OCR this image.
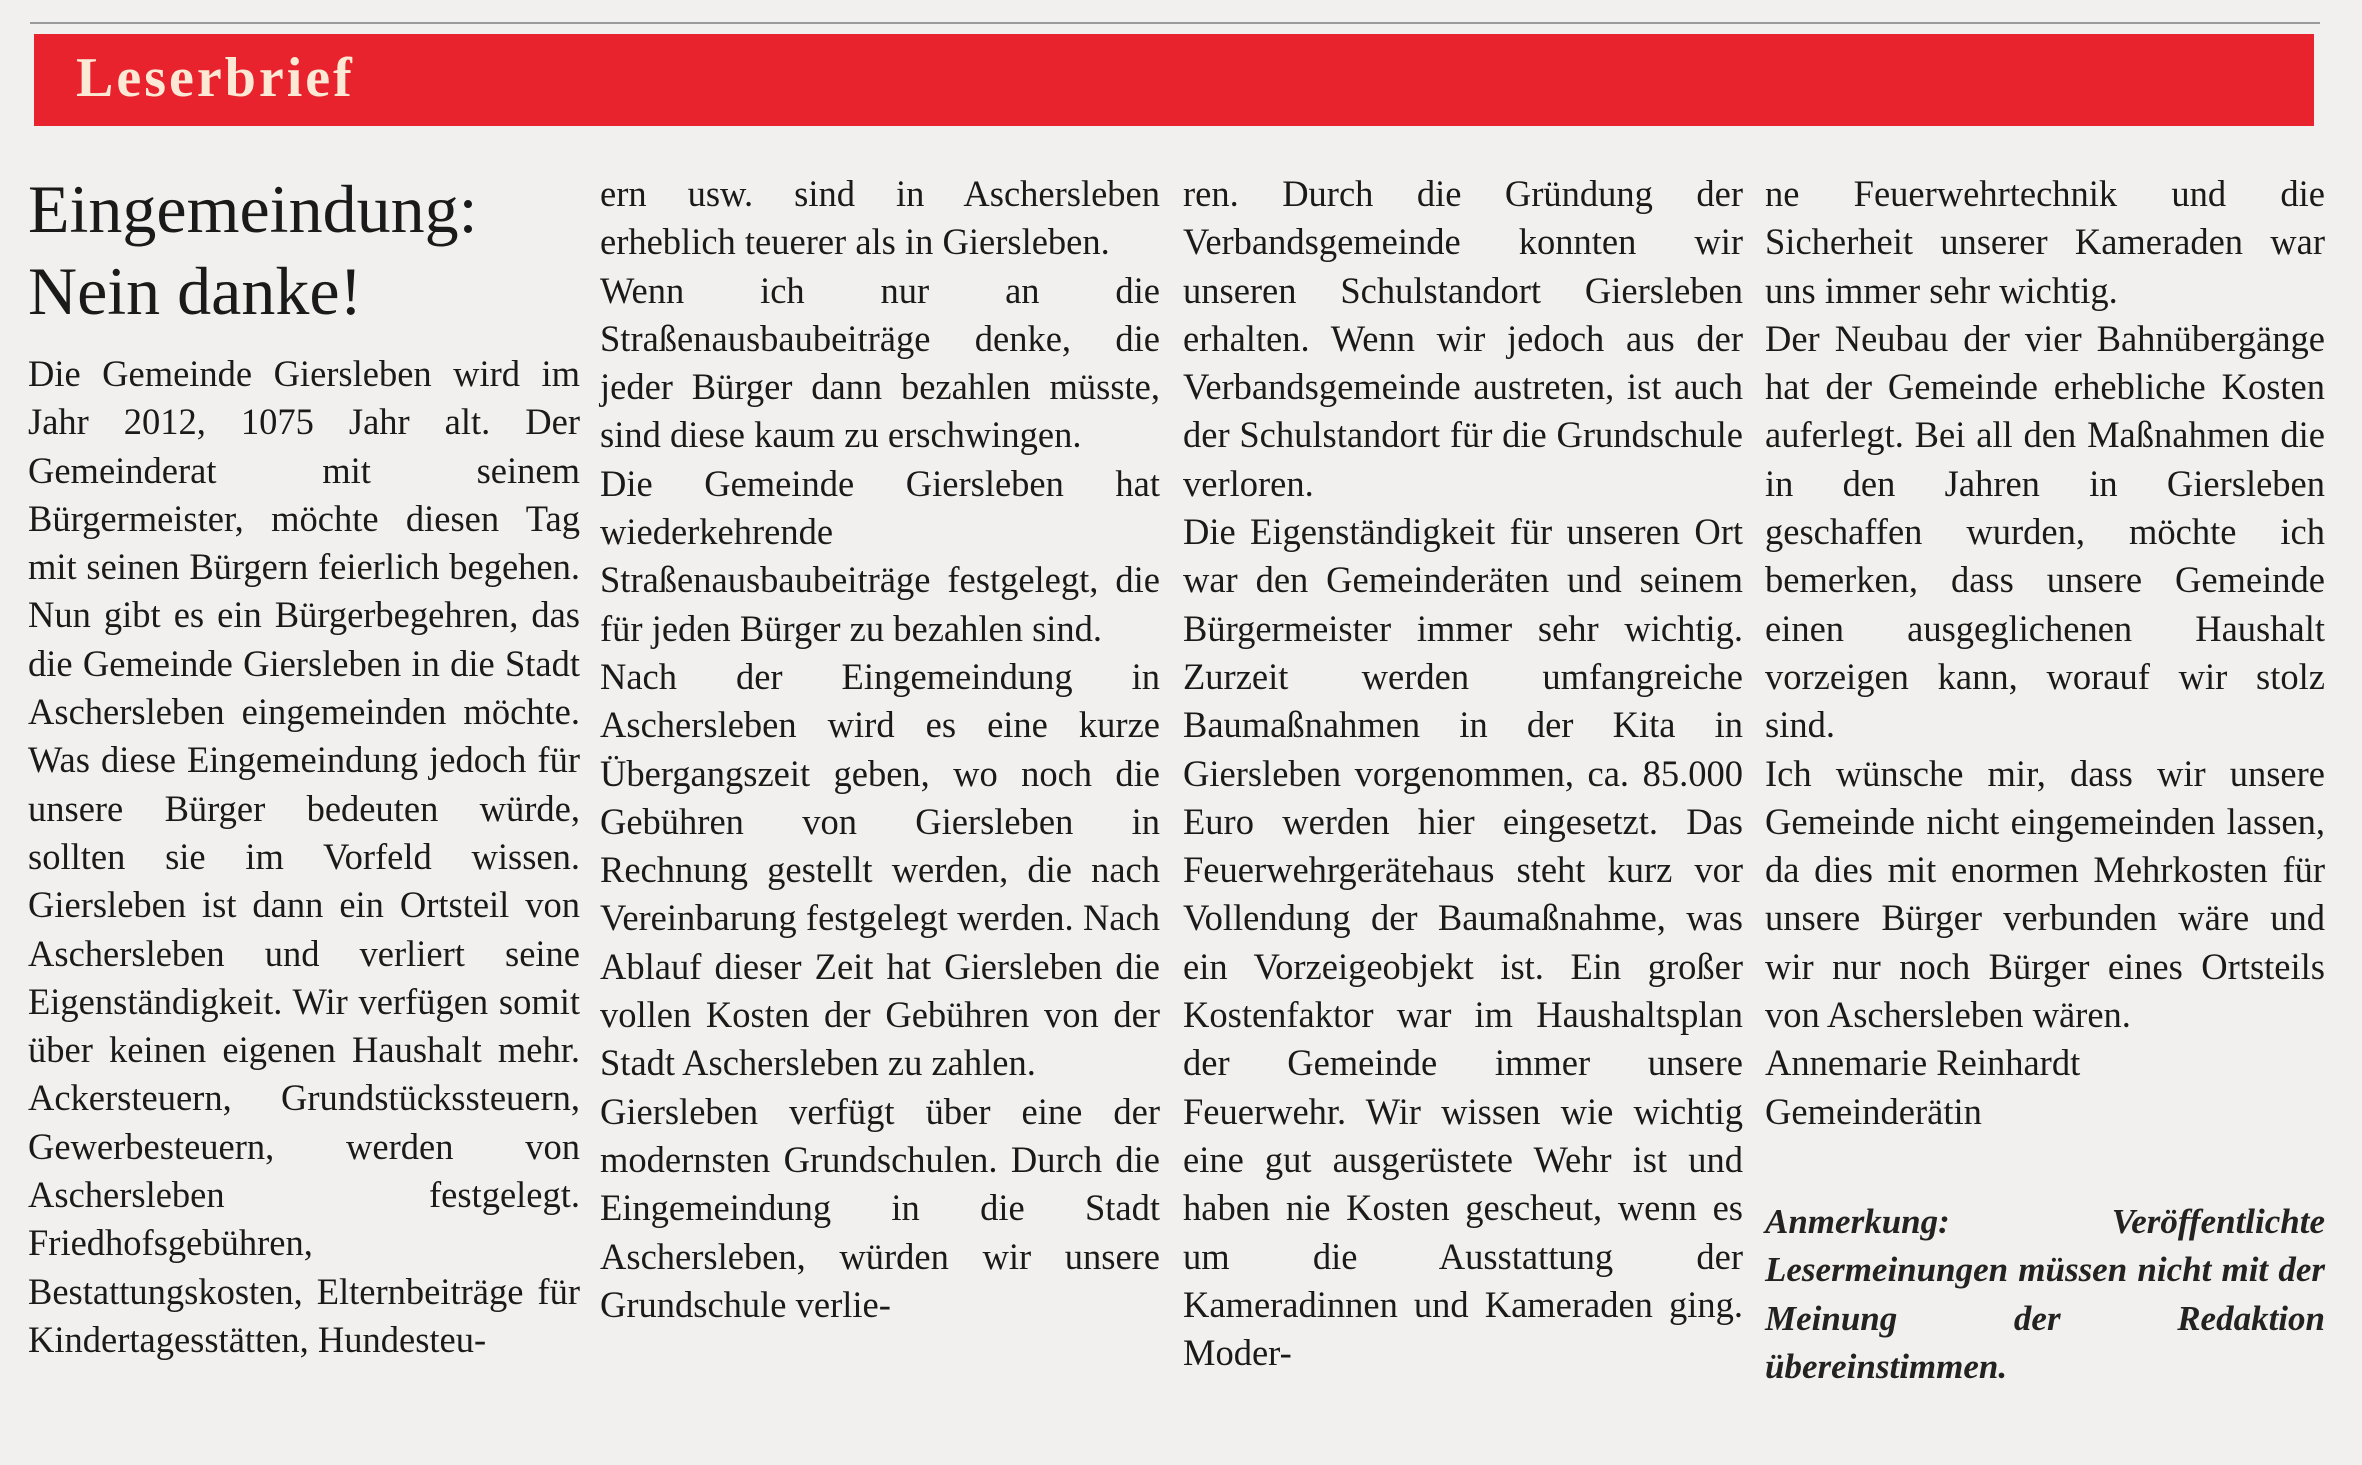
Leserbrief
Eingemeindung:
Nein danke!

Die Gemeinde Giersleben wird im Jahr 2012, 1075 Jahr alt. Der Gemeinderat mit seinem Bürgermeister, möchte diesen Tag mit seinen Bürgern feierlich begehen. Nun gibt es ein Bürgerbegehren, das die Gemeinde Giersleben in die Stadt Aschersleben eingemeinden möchte. Was diese Eingemeindung jedoch für unsere Bürger bedeuten würde, sollten sie im Vorfeld wissen. Giersleben ist dann ein Ortsteil von Aschersleben und verliert seine Eigenständigkeit. Wir verfügen somit über keinen eigenen Haushalt mehr. Ackersteuern, Grundstückssteuern, Gewerbesteuern, werden von Aschersleben festgelegt. Friedhofsgebühren, Bestattungskosten, Elternbeiträge für Kindertagesstätten, Hundesteu-

ern usw. sind in Aschersleben erheblich teuerer als in Giersleben.

Wenn ich nur an die Straßenausbaubeiträge denke, die jeder Bürger dann bezahlen müsste, sind diese kaum zu erschwingen.

Die Gemeinde Giersleben hat wiederkehrende Straßenausbaubeiträge festgelegt, die für jeden Bürger zu bezahlen sind.

Nach der Eingemeindung in Aschersleben wird es eine kurze Übergangszeit geben, wo noch die Gebühren von Giersleben in Rechnung gestellt werden, die nach Vereinbarung festgelegt werden. Nach Ablauf dieser Zeit hat Giersleben die vollen Kosten der Gebühren von der Stadt Aschersleben zu zahlen.

Giersleben verfügt über eine der modernsten Grundschulen. Durch die Eingemeindung in die Stadt Aschersleben, würden wir unsere Grundschule verlie-

ren. Durch die Gründung der Verbandsgemeinde konnten wir unseren Schulstandort Giersleben erhalten. Wenn wir jedoch aus der Verbandsgemeinde austreten, ist auch der Schulstandort für die Grundschule verloren.

Die Eigenständigkeit für unseren Ort war den Gemeinderäten und seinem Bürgermeister immer sehr wichtig. Zurzeit werden umfangreiche Baumaßnahmen in der Kita in Giersleben vorgenommen, ca. 85.000 Euro werden hier eingesetzt. Das Feuerwehrgerätehaus steht kurz vor Vollendung der Baumaßnahme, was ein Vorzeigeobjekt ist. Ein großer Kostenfaktor war im Haushaltsplan der Gemeinde immer unsere Feuerwehr. Wir wissen wie wichtig eine gut ausgerüstete Wehr ist und haben nie Kosten gescheut, wenn es um die Ausstattung der Kameradinnen und Kameraden ging. Moder-

ne Feuerwehrtechnik und die Sicherheit unserer Kameraden war uns immer sehr wichtig.

Der Neubau der vier Bahnübergänge hat der Gemeinde erhebliche Kosten auferlegt. Bei all den Maßnahmen die in den Jahren in Giersleben geschaffen wurden, möchte ich bemerken, dass unsere Gemeinde einen ausgeglichenen Haushalt vorzeigen kann, worauf wir stolz sind.

Ich wünsche mir, dass wir unsere Gemeinde nicht eingemeinden lassen, da dies mit enormen Mehrkosten für unsere Bürger verbunden wäre und wir nur noch Bürger eines Ortsteils von Aschersleben wären.

Annemarie Reinhardt

Gemeinderätin

Anmerkung:	Veröffentlichte Lesermeinungen müssen nicht mit der Meinung der Redaktion übereinstimmen.
